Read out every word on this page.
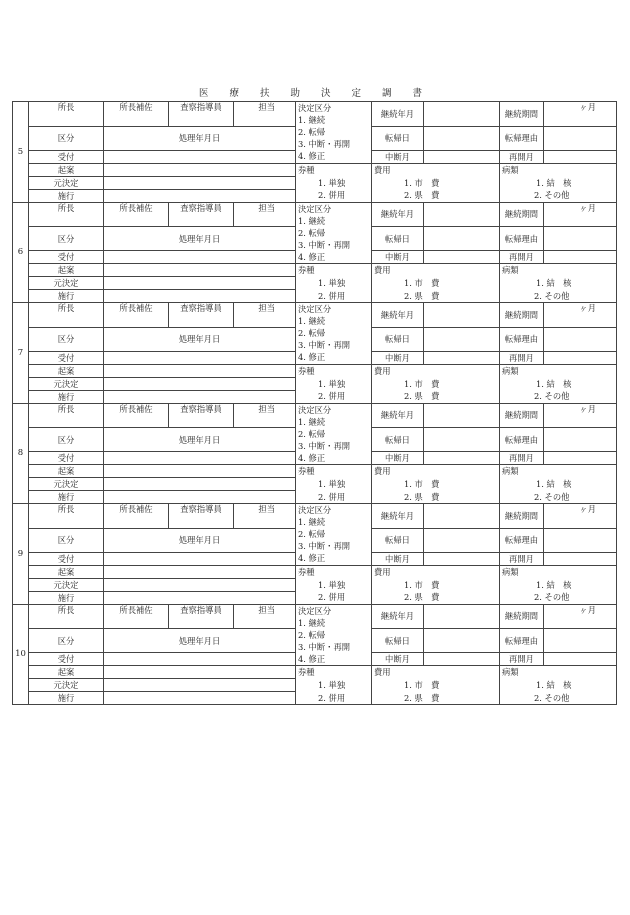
医 療 扶 助 決 定 調 書
5	所長	所長補佐	査察指導員	担当	決定区分	継続年月		継続期間	ヶ月
					1. 継続				
	区分	処理年月日			2. 転帰	転帰日		転帰理由	
					3. 中断・再開				
	受付				4. 修正	中断月		再開月	
	起案				券種	費用		病類	
	元決定				1. 単独	1. 市　費		1. 結　核	
	施行				2. 併用	2. 県　費		2. その他	
6	所長	所長補佐	査察指導員	担当	決定区分	継続年月		継続期間	ヶ月
					1. 継続				
	区分	処理年月日			2. 転帰	転帰日		転帰理由	
					3. 中断・再開				
	受付				4. 修正	中断月		再開月	
	起案				券種	費用		病類	
	元決定				1. 単独	1. 市　費		1. 結　核	
	施行				2. 併用	2. 県　費		2. その他	
7	所長	所長補佐	査察指導員	担当	決定区分	継続年月		継続期間	ヶ月
					1. 継続				
	区分	処理年月日			2. 転帰	転帰日		転帰理由	
					3. 中断・再開				
	受付				4. 修正	中断月		再開月	
	起案				券種	費用		病類	
	元決定				1. 単独	1. 市　費		1. 結　核	
	施行				2. 併用	2. 県　費		2. その他	
8	所長	所長補佐	査察指導員	担当	決定区分	継続年月		継続期間	ヶ月
					1. 継続				
	区分	処理年月日			2. 転帰	転帰日		転帰理由	
					3. 中断・再開				
	受付				4. 修正	中断月		再開月	
	起案				券種	費用		病類	
	元決定				1. 単独	1. 市　費		1. 結　核	
	施行				2. 併用	2. 県　費		2. その他	
9	所長	所長補佐	査察指導員	担当	決定区分	継続年月		継続期間	ヶ月
					1. 継続				
	区分	処理年月日			2. 転帰	転帰日		転帰理由	
					3. 中断・再開				
	受付				4. 修正	中断月		再開月	
	起案				券種	費用		病類	
	元決定				1. 単独	1. 市　費		1. 結　核	
	施行				2. 併用	2. 県　費		2. その他	
10	所長	所長補佐	査察指導員	担当	決定区分	継続年月		継続期間	ヶ月
					1. 継続				
	区分	処理年月日			2. 転帰	転帰日		転帰理由	
					3. 中断・再開				
	受付				4. 修正	中断月		再開月	
	起案				券種	費用		病類	
	元決定				1. 単独	1. 市　費		1. 結　核	
	施行				2. 併用	2. 県　費		2. その他	
